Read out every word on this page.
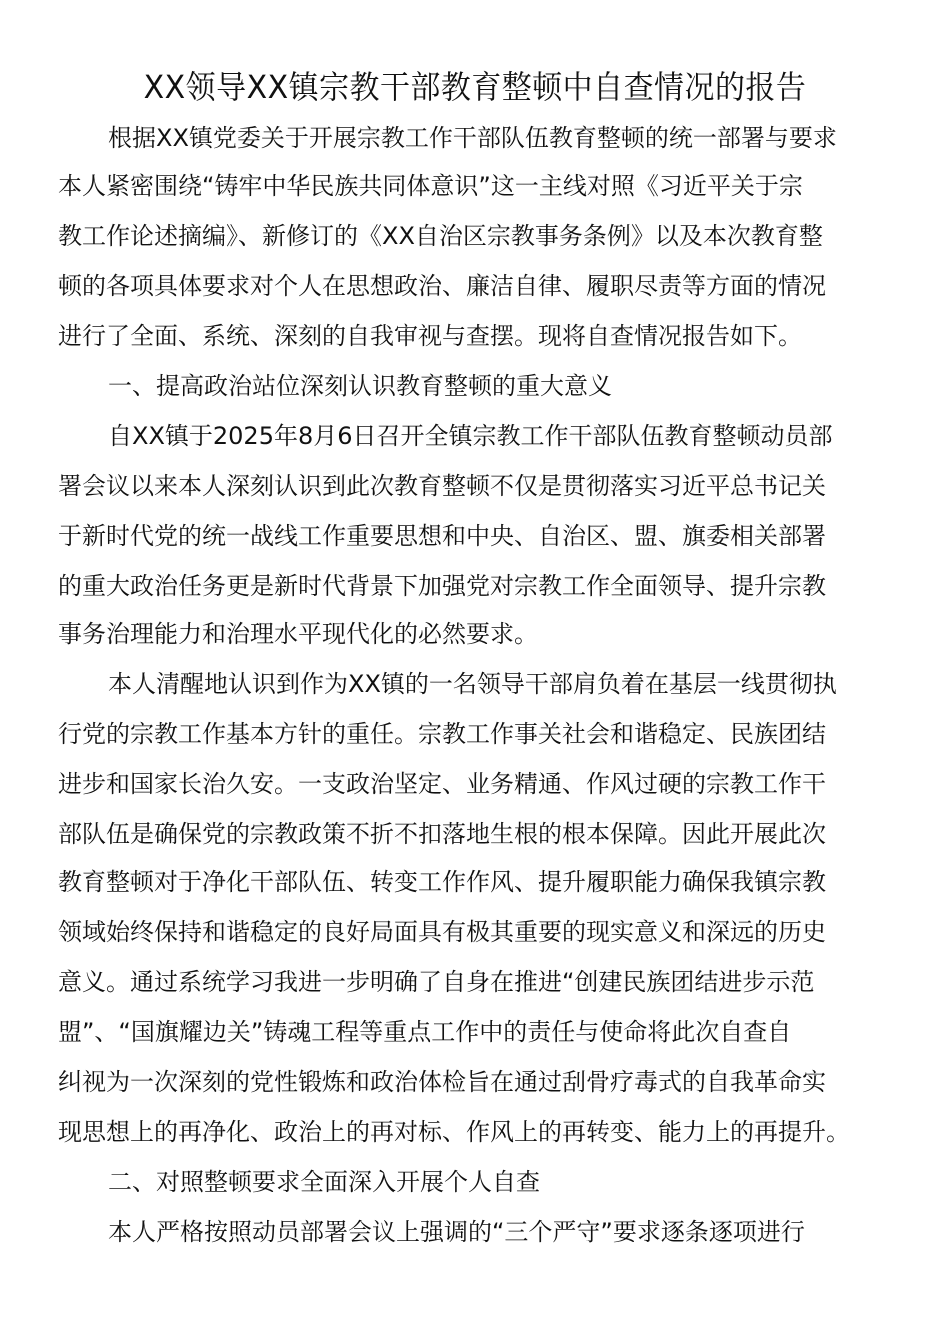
XX领导XX镇宗教干部教育整顿中自查情况的报告
根据XX镇党委关于开展宗教工作干部队伍教育整顿的统一部署与要求
本人紧密围绕“铸牢中华民族共同体意识”这一主线对照《习近平关于宗
教工作论述摘编》、新修订的《XX自治区宗教事务条例》以及本次教育整
顿的各项具体要求对个人在思想政治、廉洁自律、履职尽责等方面的情况
进行了全面、系统、深刻的自我审视与查摆。现将自查情况报告如下。
一、提高政治站位深刻认识教育整顿的重大意义
自XX镇于2025年8月6日召开全镇宗教工作干部队伍教育整顿动员部
署会议以来本人深刻认识到此次教育整顿不仅是贯彻落实习近平总书记关
于新时代党的统一战线工作重要思想和中央、自治区、盟、旗委相关部署
的重大政治任务更是新时代背景下加强党对宗教工作全面领导、提升宗教
事务治理能力和治理水平现代化的必然要求。
本人清醒地认识到作为XX镇的一名领导干部肩负着在基层一线贯彻执
行党的宗教工作基本方针的重任。宗教工作事关社会和谐稳定、民族团结
进步和国家长治久安。一支政治坚定、业务精通、作风过硬的宗教工作干
部队伍是确保党的宗教政策不折不扣落地生根的根本保障。因此开展此次
教育整顿对于净化干部队伍、转变工作作风、提升履职能力确保我镇宗教
领域始终保持和谐稳定的良好局面具有极其重要的现实意义和深远的历史
意义。通过系统学习我进一步明确了自身在推进“创建民族团结进步示范
盟”、“国旗耀边关”铸魂工程等重点工作中的责任与使命将此次自查自
纠视为一次深刻的党性锻炼和政治体检旨在通过刮骨疗毒式的自我革命实
现思想上的再净化、政治上的再对标、作风上的再转变、能力上的再提升。
二、对照整顿要求全面深入开展个人自查
本人严格按照动员部署会议上强调的“三个严守”要求逐条逐项进行
